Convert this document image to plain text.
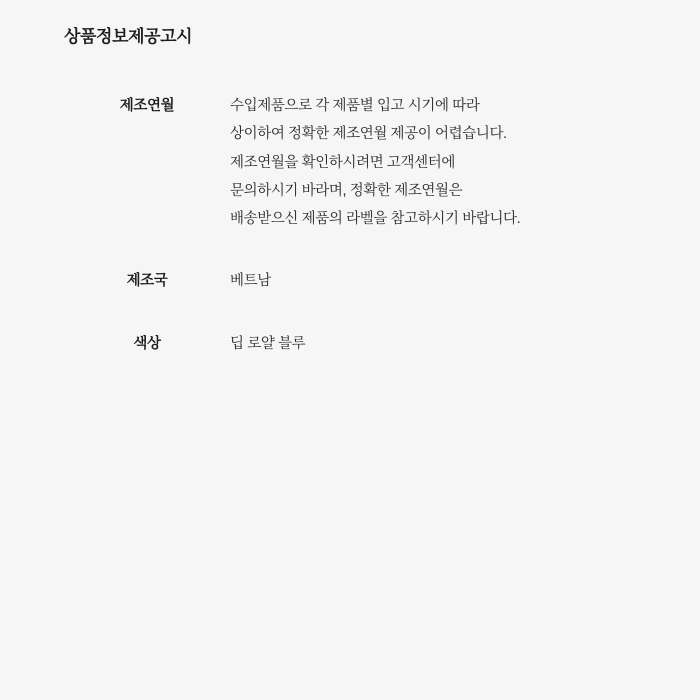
상품정보제공고시
제조연월	수입제품으로 각 제품별 입고 시기에 따라
상이하여 정확한 제조연월 제공이 어렵습니다.
제조연월을 확인하시려면 고객센터에
문의하시기 바라며, 정확한 제조연월은
배송받으신 제품의 라벨을 참고하시기 바랍니다.

제조국	베트남

색상	딥 로얄 블루
